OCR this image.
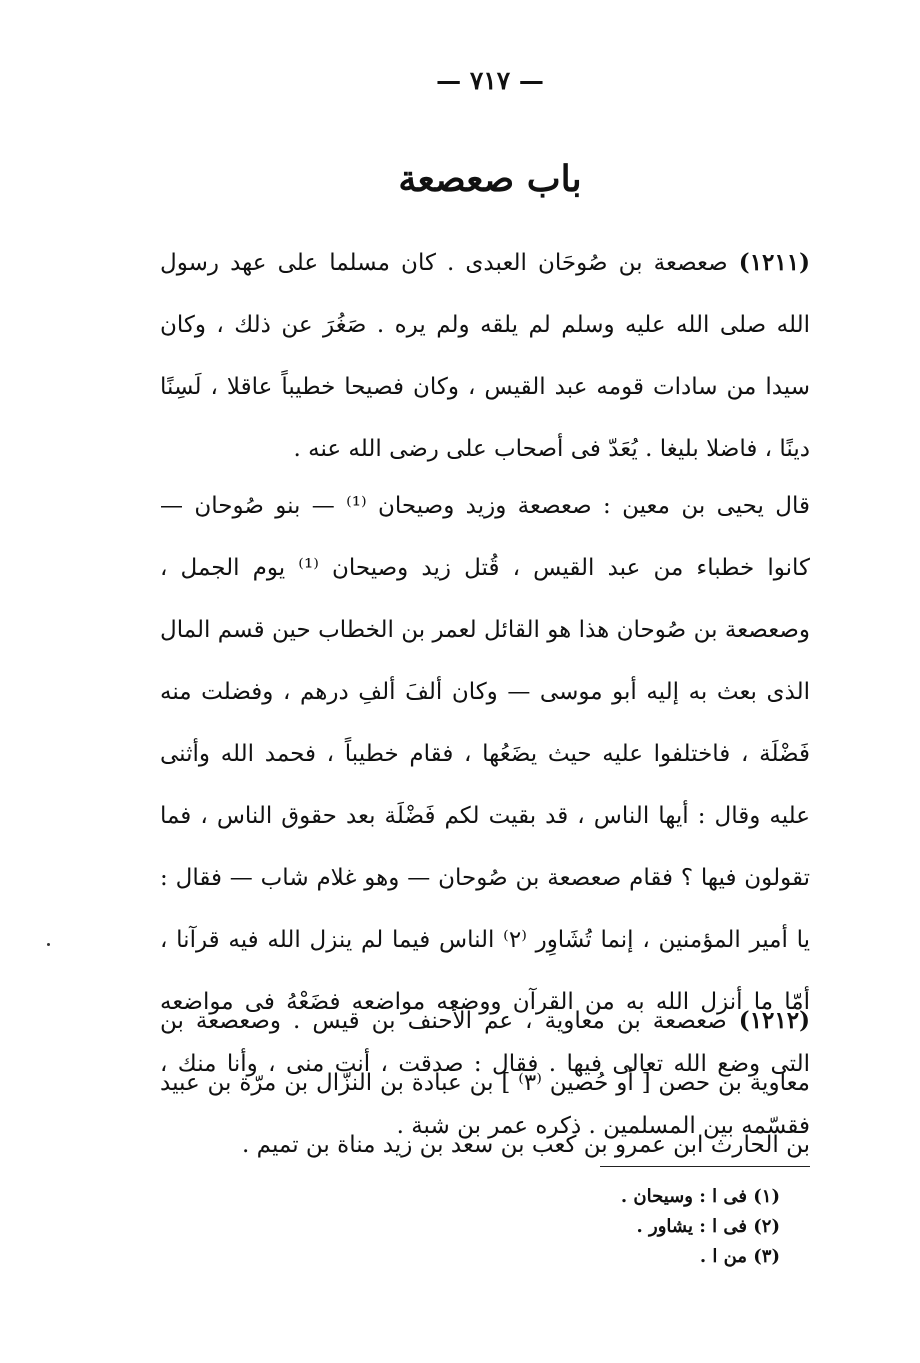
— ٧١٧ —
باب صعصعة

(١٢١١) صعصعة بن صُوحَان العبدى . كان مسلما على عهد رسول الله صلى الله عليه وسلم لم يلقه ولم يره . صَغُرَ عن ذلك ، وكان سيدا من سادات قومه عبد القيس ، وكان فصيحا خطيباً عاقلا ، لَسِنًا دينًا ، فاضلا بليغا . يُعَدّ فى أصحاب على رضى الله عنه .

قال يحيى بن معين : صعصعة وزيد وصيحان ⁽¹⁾ — بنو صُوحان — كانوا خطباء من عبد القيس ، قُتل زيد وصيحان ⁽¹⁾ يوم الجمل ، وصعصعة بن صُوحان هذا هو القائل لعمر بن الخطاب حين قسم المال الذى بعث به إليه أبو موسى — وكان ألفَ ألفِ درهم ، وفضلت منه فَضْلَة ، فاختلفوا عليه حيث يضَعُها ، فقام خطيباً ، فحمد الله وأثنى عليه وقال : أيها الناس ، قد بقيت لكم فَضْلَة بعد حقوق الناس ، فما تقولون فيها ؟ فقام صعصعة بن صُوحان — وهو غلام شاب — فقال : يا أمير المؤمنين ، إنما تُشَاوِر ⁽٢⁾ الناس فيما لم ينزل الله فيه قرآنا ، أمّا ما أنزل الله به من القرآن ووضعه مواضعه فضَعْهُ فى مواضعه التى وضع الله تعالى فيها . فقال : صدقت ، أنت منى ، وأنا منك ، فقسّمه بين المسلمين . ذكره عمر بن شبة .

(١٢١٢) صعصعة بن معاوية ، عم الأحنف بن قيس . وصعصعة بن معاوية بن حصن [ أو حُصين ⁽٣⁾ ] بن عبادة بن النزّال بن مرّة بن عبيد بن الحارث ابن عمرو بن كعب بن سعد بن زيد مناة بن تميم .

(١) فى ا : وسيحان .
(٢) فى ا : يشاور .
(٣) من ا .
